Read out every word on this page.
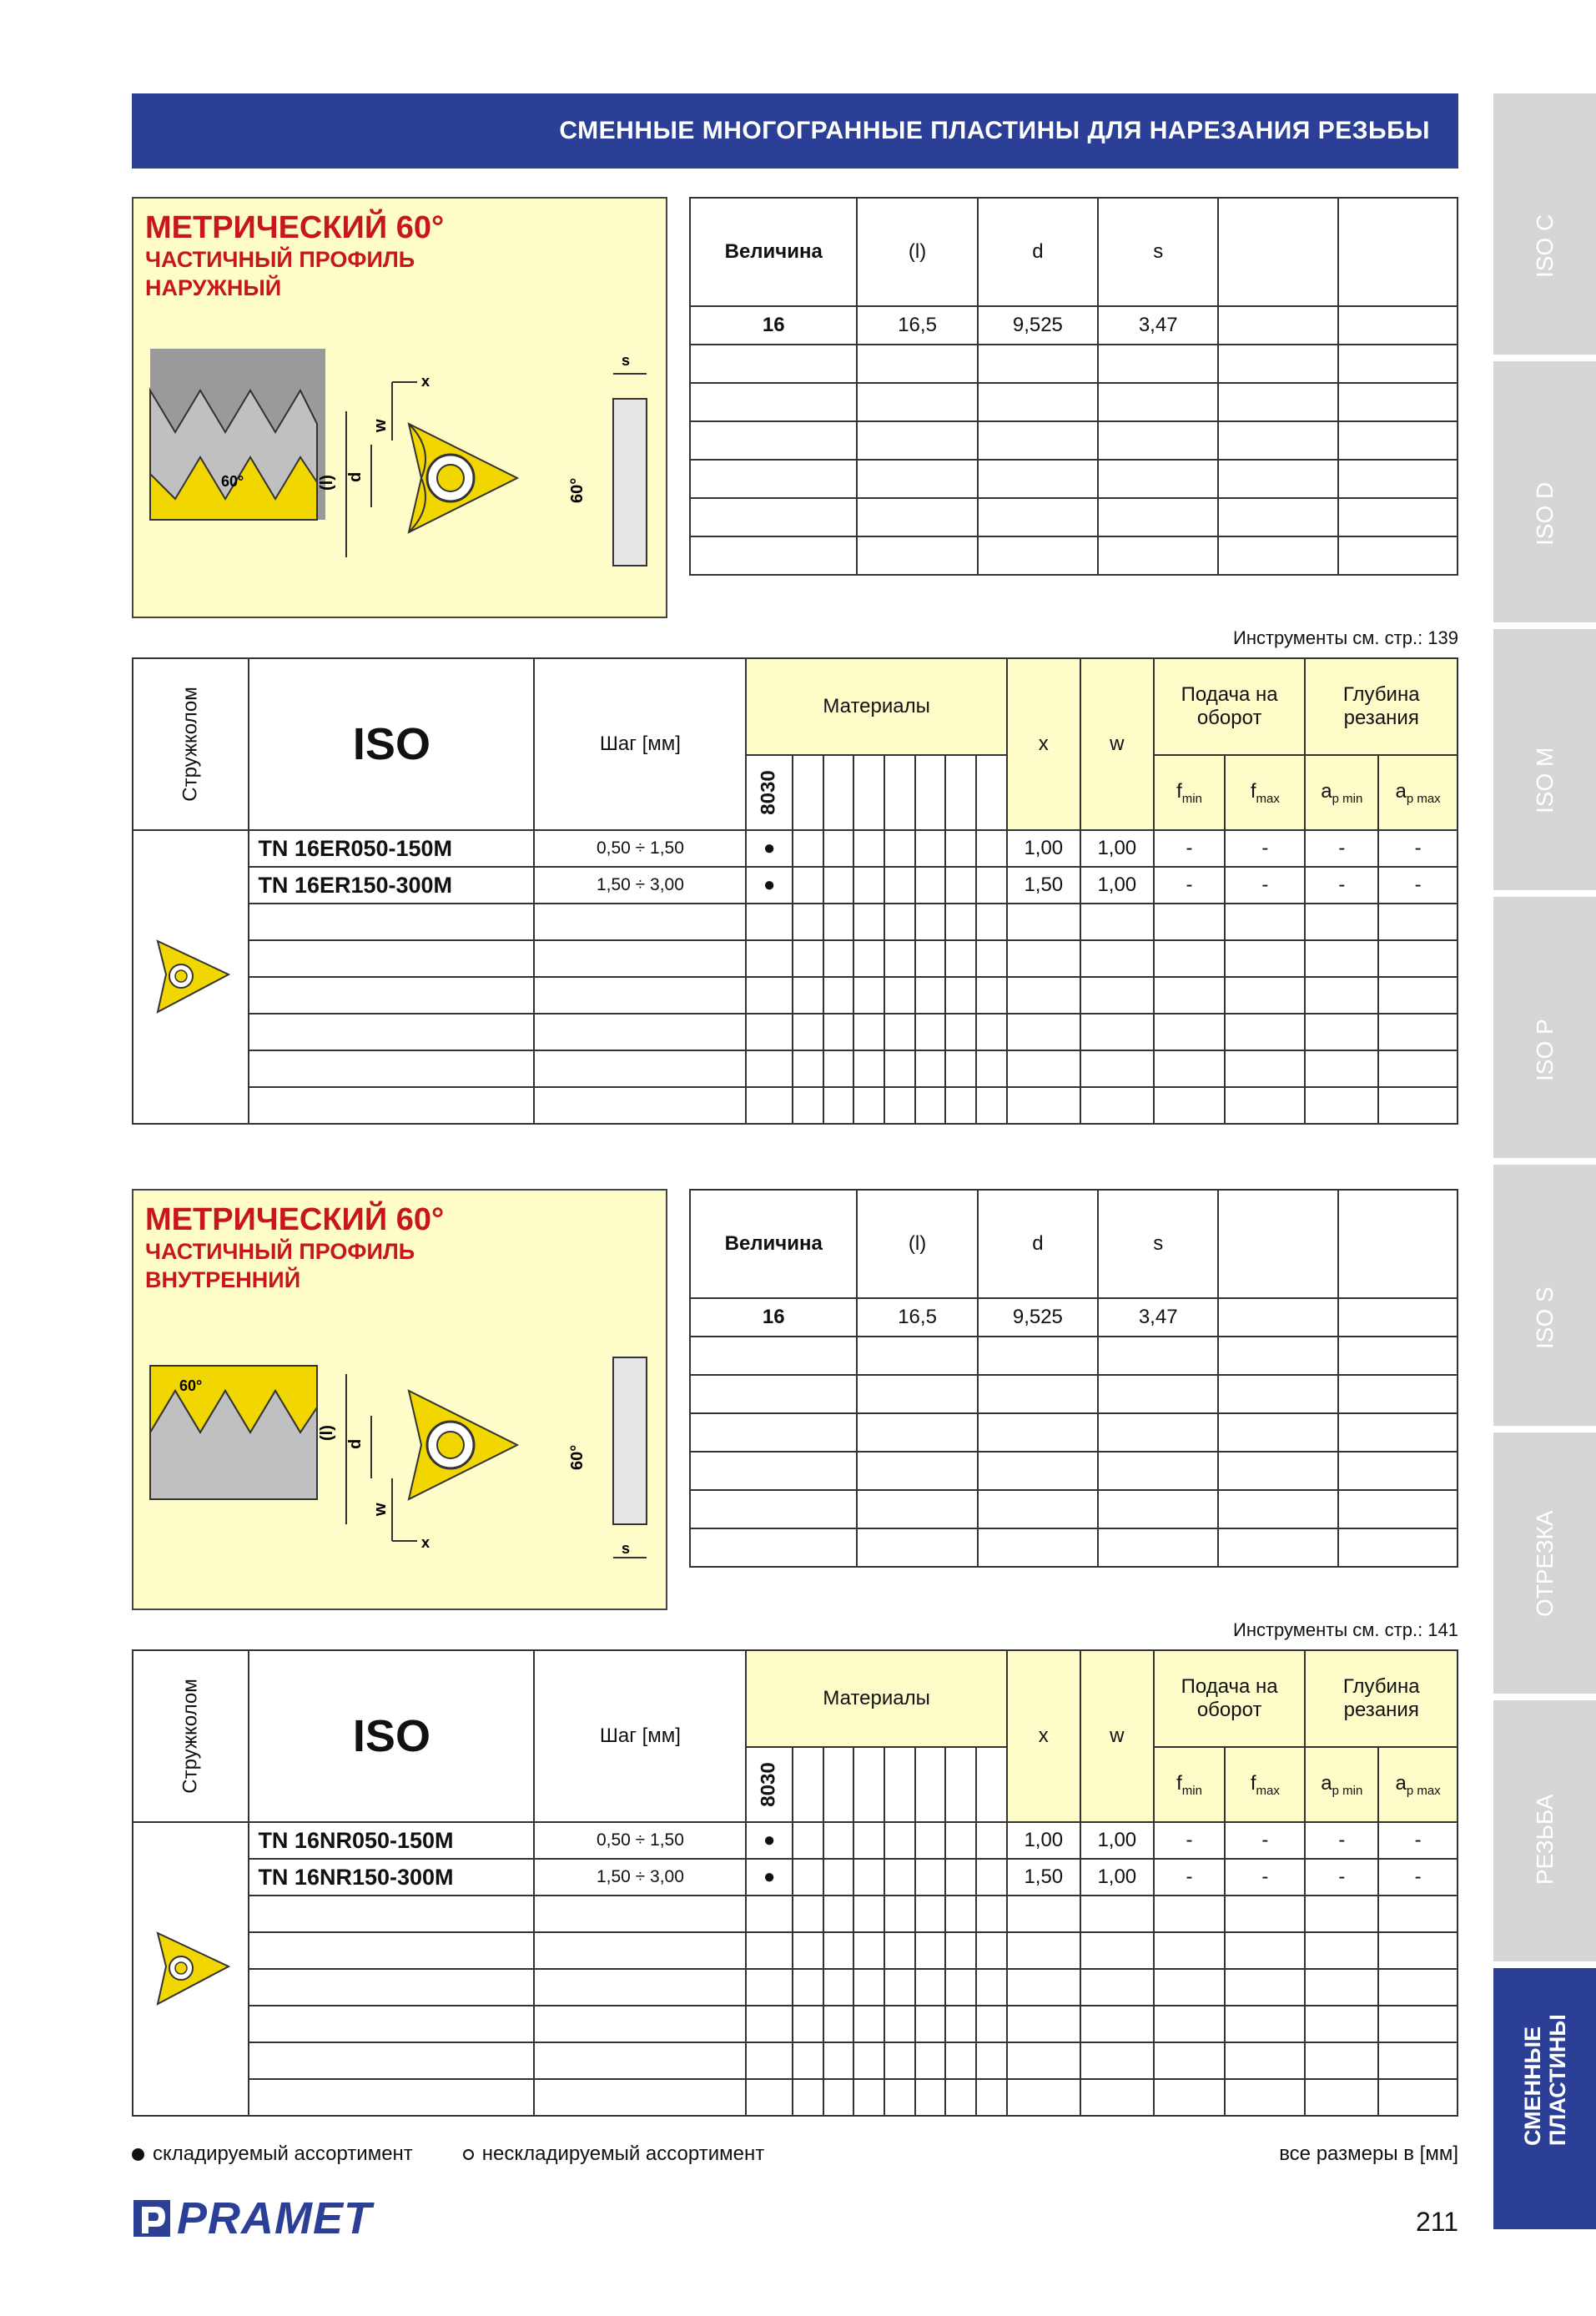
СМЕННЫЕ МНОГОГРАННЫЕ ПЛАСТИНЫ ДЛЯ НАРЕЗАНИЯ РЕЗЬБЫ
ISO C
ISO D
ISO M
ISO P
ISO S
ОТРЕЗКА
РЕЗЬБА
СМЕННЫЕ
ПЛАСТИНЫ
МЕТРИЧЕСКИЙ 60°
ЧАСТИЧНЫЙ ПРОФИЛЬ
НАРУЖНЫЙ
60°	(l) d
w
x
60°
s
Величина	(l)	d	s		
16	16,5	9,525	3,47		

Инструменты см. стр.: 139
Стружколом	ISO	Шаг [мм]	Материалы								x	w	Подача на
оборот		Глубина
резания	
			8030										$f_{min}$	$f_{max}$	$a_{p min}$	$a_{p max}$
	TN 16ER050-150M	0,50 ÷ 1,50	●								1,00	1,00	-	-	-	-
	TN 16ER150-300M	1,50 ÷ 3,00	●								1,50	1,00	-	-	-	-

МЕТРИЧЕСКИЙ 60°
ЧАСТИЧНЫЙ ПРОФИЛЬ
ВНУТРЕННИЙ
60°
(l)
d
w
x
60°
s
Величина	(l)	d	s		
16	16,5	9,525	3,47		

Инструменты см. стр.: 141
Стружколом	ISO	Шаг [мм]	Материалы								x	w	Подача на
оборот		Глубина
резания	
			8030										$f_{min}$	$f_{max}$	$a_{p min}$	$a_{p max}$
	TN 16NR050-150M	0,50 ÷ 1,50	●								1,00	1,00	-	-	-	-
	TN 16NR150-300M	1,50 ÷ 3,00	●								1,50	1,00	-	-	-	-

складируемый ассортимент	нескладируемый ассортимент	все размеры в [мм]
PRAMET	211
